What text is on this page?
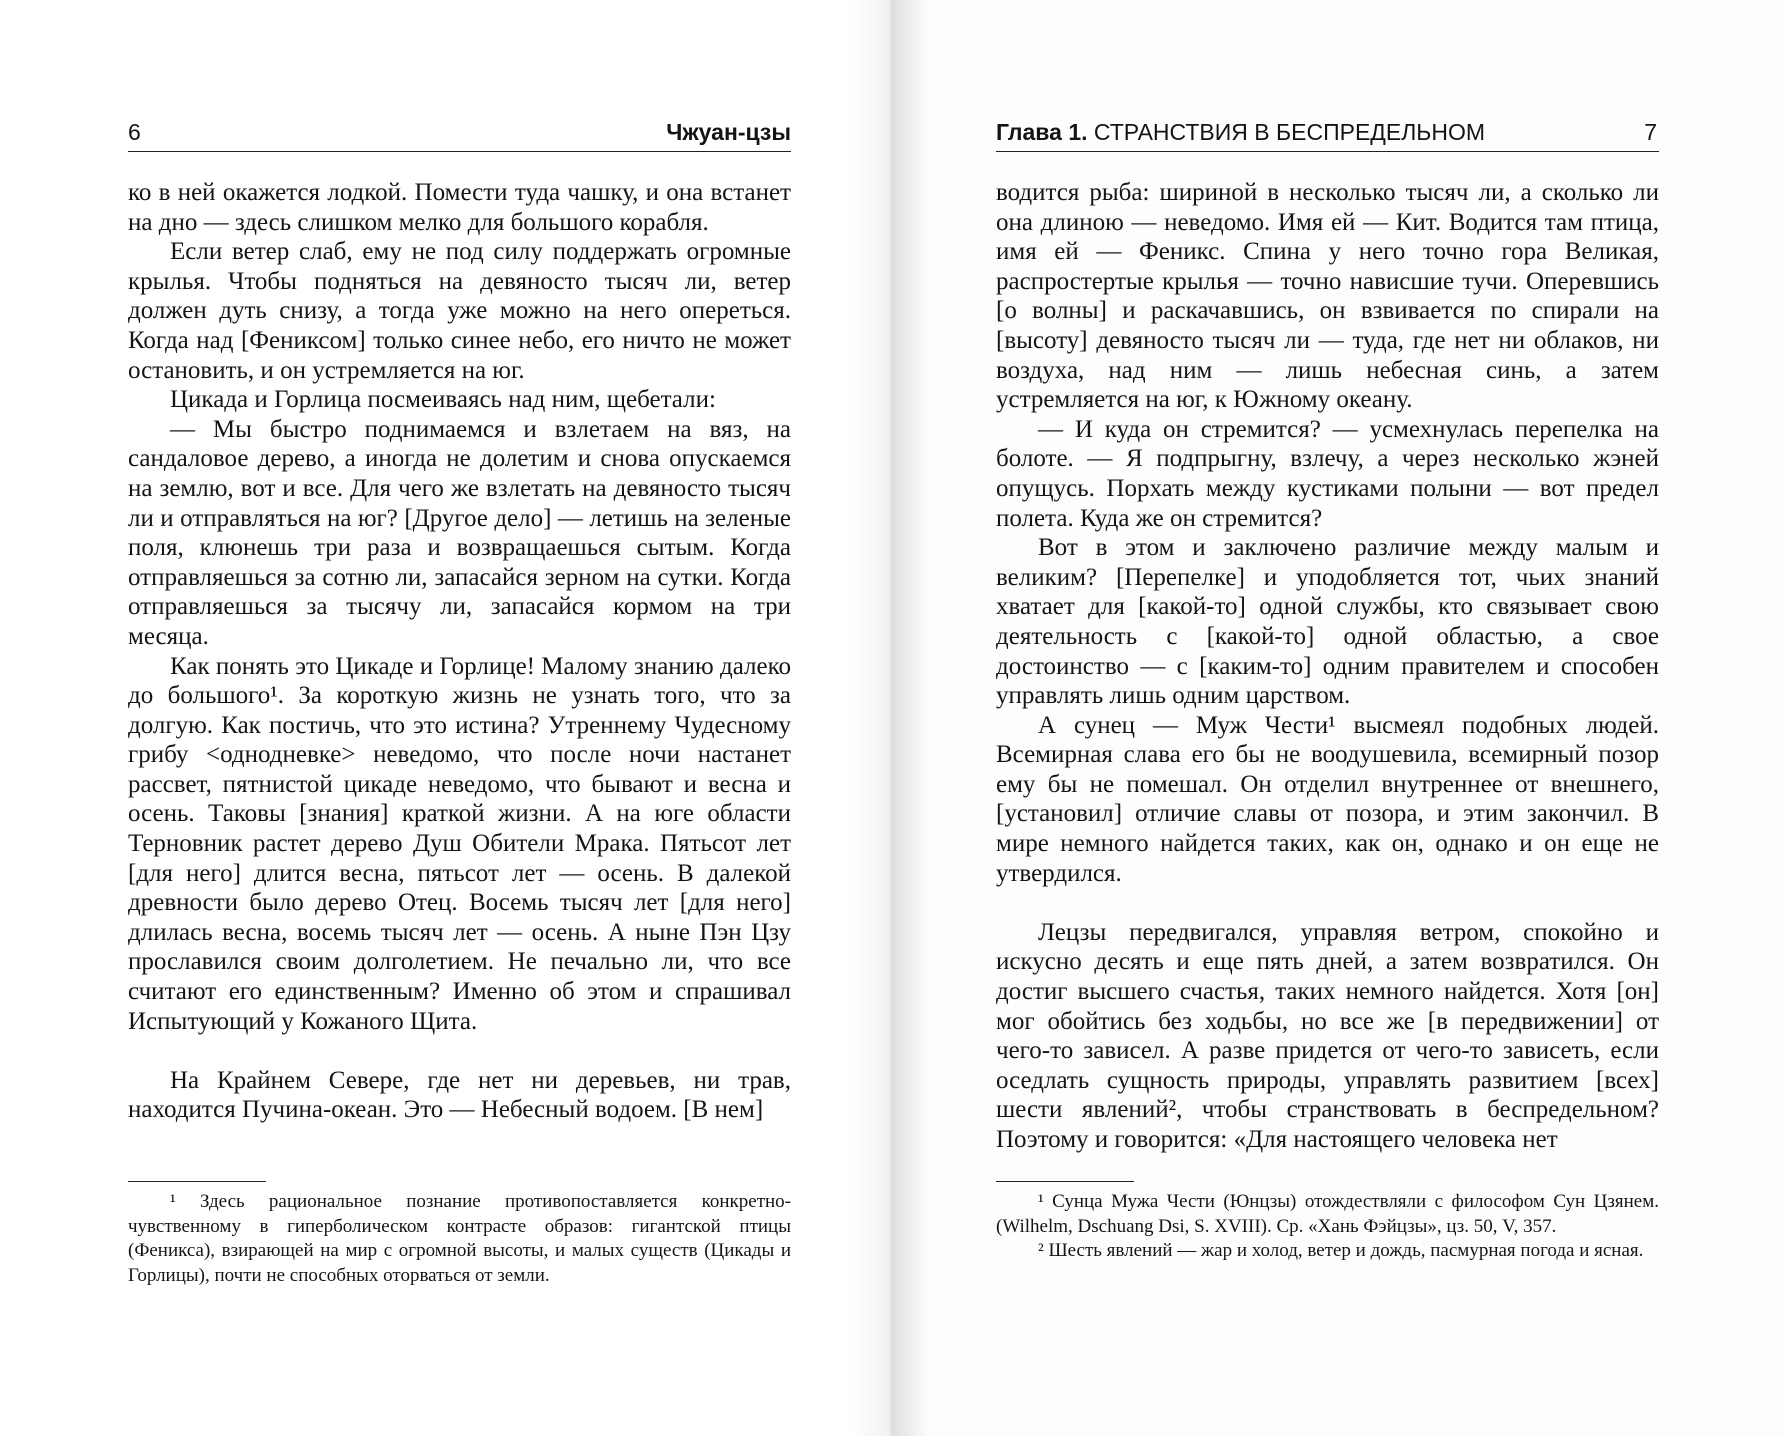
6	Чжуан-цзы

ко в ней окажется лодкой. Помести туда чашку, и она встанет на дно — здесь слишком мелко для большого корабля.

Если ветер слаб, ему не под силу поддержать огромные крылья. Чтобы подняться на девяносто тысяч ли, ветер должен дуть снизу, а тогда уже можно на него опереться. Когда над [Фениксом] только синее небо, его ничто не может остановить, и он устремляется на юг.

Цикада и Горлица посмеиваясь над ним, щебетали:

— Мы быстро поднимаемся и взлетаем на вяз, на сандаловое дерево, а иногда не долетим и снова опускаемся на землю, вот и все. Для чего же взлетать на девяносто тысяч ли и отправляться на юг? [Другое дело] — летишь на зеленые поля, клюнешь три раза и возвращаешься сытым. Когда отправляешься за сотню ли, запасайся зерном на сутки. Когда отправляешься за тысячу ли, запасайся кормом на три месяца.

Как понять это Цикаде и Горлице! Малому знанию далеко до большого¹. За короткую жизнь не узнать того, что за долгую. Как постичь, что это истина? Утреннему Чудесному грибу <однодневке> неведомо, что после ночи настанет рассвет, пятнистой цикаде неведомо, что бывают и весна и осень. Таковы [знания] краткой жизни. А на юге области Терновник растет дерево Душ Обители Мрака. Пятьсот лет [для него] длится весна, пятьсот лет — осень. В далекой древности было дерево Отец. Восемь тысяч лет [для него] длилась весна, восемь тысяч лет — осень. А ныне Пэн Цзу прославился своим долголетием. Не печально ли, что все считают его единственным? Именно об этом и спрашивал Испытующий у Кожаного Щита.

На Крайнем Севере, где нет ни деревьев, ни трав, находится Пучина-океан. Это — Небесный водоем. [В нем]

¹ Здесь рациональное познание противопоставляется конкретно-чувственному в гиперболическом контрасте образов: гигантской птицы (Феникса), взирающей на мир с огромной высоты, и малых существ (Цикады и Горлицы), почти не способных оторваться от земли.

Глава 1. СТРАНСТВИЯ В БЕСПРЕДЕЛЬНОМ	7

водится рыба: шириной в несколько тысяч ли, а сколько ли она длиною — неведомо. Имя ей — Кит. Водится там птица, имя ей — Феникс. Спина у него точно гора Великая, распростертые крылья — точно нависшие тучи. Оперевшись [о волны] и раскачавшись, он взвивается по спирали на [высоту] девяносто тысяч ли — туда, где нет ни облаков, ни воздуха, над ним — лишь небесная синь, а затем устремляется на юг, к Южному океану.

— И куда он стремится? — усмехнулась перепелка на болоте. — Я подпрыгну, взлечу, а через несколько жэней опущусь. Порхать между кустиками полыни — вот предел полета. Куда же он стремится?

Вот в этом и заключено различие между малым и великим? [Перепелке] и уподобляется тот, чьих знаний хватает для [какой-то] одной службы, кто связывает свою деятельность с [какой-то] одной областью, а свое достоинство — с [каким-то] одним правителем и способен управлять лишь одним царством.

А сунец — Муж Чести¹ высмеял подобных людей. Всемирная слава его бы не воодушевила, всемирный позор ему бы не помешал. Он отделил внутреннее от внешнего, [установил] отличие славы от позора, и этим закончил. В мире немного найдется таких, как он, однако и он еще не утвердился.

Лецзы передвигался, управляя ветром, спокойно и искусно десять и еще пять дней, а затем возвратился. Он достиг высшего счастья, таких немного найдется. Хотя [он] мог обойтись без ходьбы, но все же [в передвижении] от чего-то зависел. А разве придется от чего-то зависеть, если оседлать сущность природы, управлять развитием [всех] шести явлений², чтобы странствовать в беспредельном? Поэтому и говорится: «Для настоящего человека нет

¹ Сунца Мужа Чести (Юнцзы) отождествляли с философом Сун Цзянем. (Wilhelm, Dschuang Dsi, S. XVIII). Ср. «Хань Фэйцзы», цз. 50, V, 357.

² Шесть явлений — жар и холод, ветер и дождь, пасмурная погода и ясная.
